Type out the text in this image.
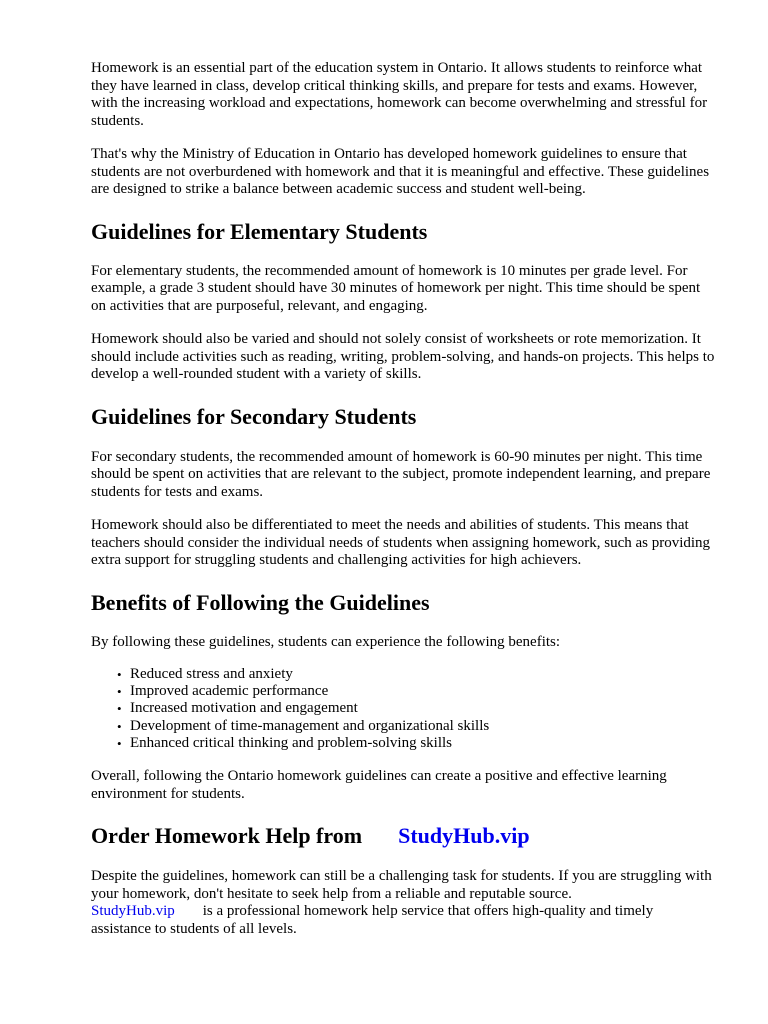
Homework is an essential part of the education system in Ontario. It allows students to reinforce what they have learned in class, develop critical thinking skills, and prepare for tests and exams. However, with the increasing workload and expectations, homework can become overwhelming and stressful for students.

That's why the Ministry of Education in Ontario has developed homework guidelines to ensure that students are not overburdened with homework and that it is meaningful and effective. These guidelines are designed to strike a balance between academic success and student well-being.

Guidelines for Elementary Students

For elementary students, the recommended amount of homework is 10 minutes per grade level. For example, a grade 3 student should have 30 minutes of homework per night. This time should be spent on activities that are purposeful, relevant, and engaging.

Homework should also be varied and should not solely consist of worksheets or rote memorization. It should include activities such as reading, writing, problem-solving, and hands-on projects. This helps to develop a well-rounded student with a variety of skills.

Guidelines for Secondary Students

For secondary students, the recommended amount of homework is 60-90 minutes per night. This time should be spent on activities that are relevant to the subject, promote independent learning, and prepare students for tests and exams.

Homework should also be differentiated to meet the needs and abilities of students. This means that teachers should consider the individual needs of students when assigning homework, such as providing extra support for struggling students and challenging activities for high achievers.

Benefits of Following the Guidelines

By following these guidelines, students can experience the following benefits:

• Reduced stress and anxiety
• Improved academic performance
• Increased motivation and engagement
• Development of time-management and organizational skills
• Enhanced critical thinking and problem-solving skills

Overall, following the Ontario homework guidelines can create a positive and effective learning environment for students.

Order Homework Help from StudyHub.vip

Despite the guidelines, homework can still be a challenging task for students. If you are struggling with your homework, don't hesitate to seek help from a reliable and reputable source.

StudyHub.vip is a professional homework help service that offers high-quality and timely assistance to students of all levels.
